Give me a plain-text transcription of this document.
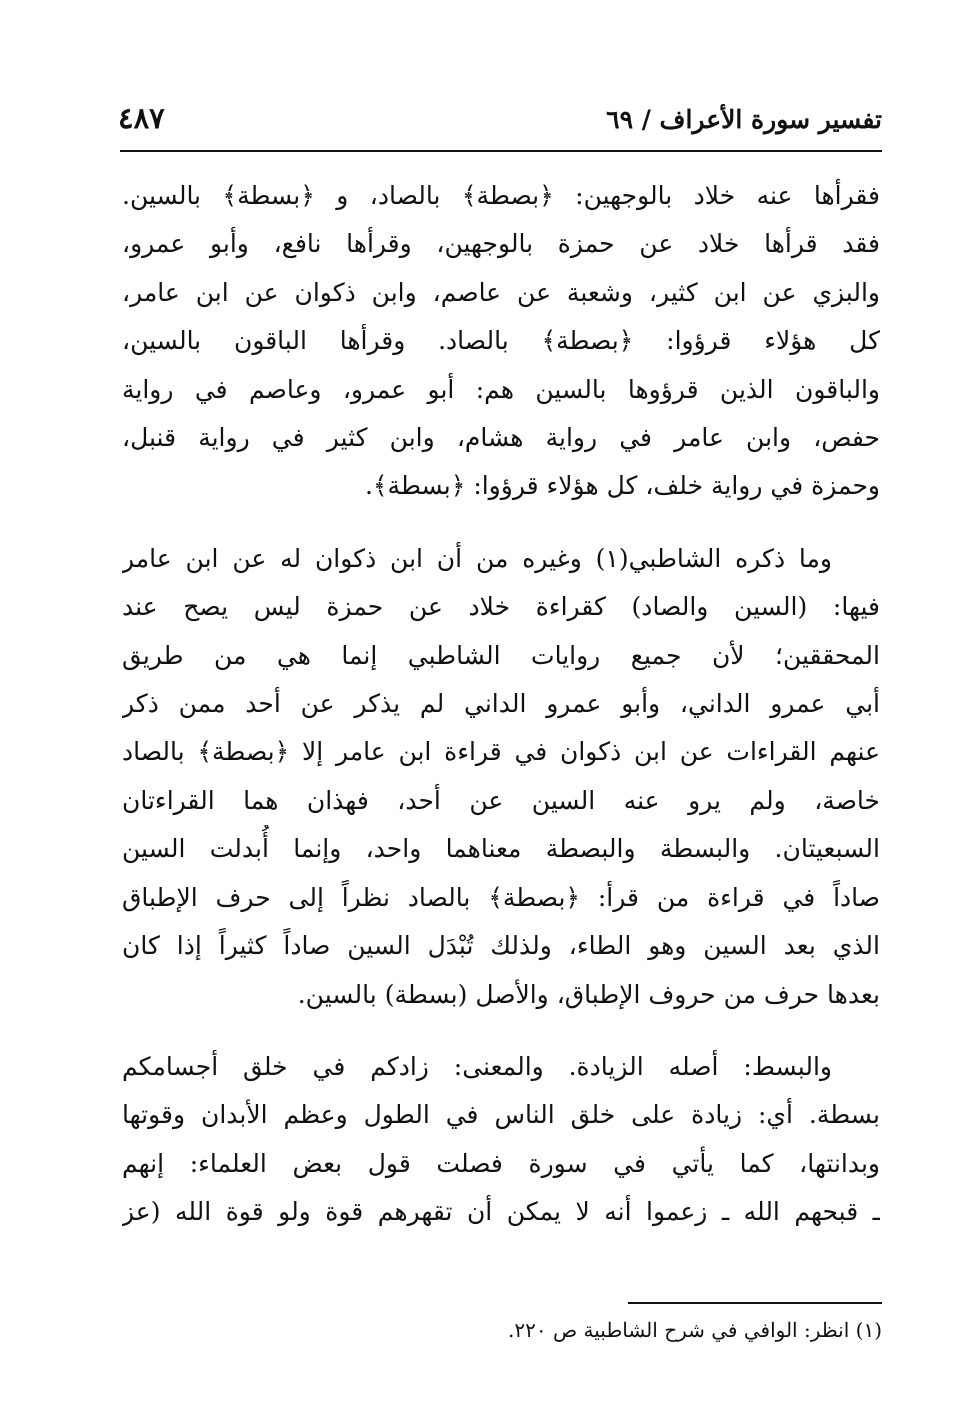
تفسير سورة الأعراف / ٦٩
٤٨٧
فقرأها عنه خلاد بالوجهين: ﴿بصطة﴾ بالصاد، و ﴿بسطة﴾ بالسين.
فقد قرأها خلاد عن حمزة بالوجهين، وقرأها نافع، وأبو عمرو،
والبزي عن ابن كثير، وشعبة عن عاصم، وابن ذكوان عن ابن عامر،
كل هؤلاء قرؤوا: ﴿بصطة﴾ بالصاد. وقرأها الباقون بالسين،
والباقون الذين قرؤوها بالسين هم: أبو عمرو، وعاصم في رواية
حفص، وابن عامر في رواية هشام، وابن كثير في رواية قنبل،
وحمزة في رواية خلف، كل هؤلاء قرؤوا: ﴿بسطة﴾.
وما ذكره الشاطبي(١) وغيره من أن ابن ذكوان له عن ابن عامر
فيها: (السين والصاد) كقراءة خلاد عن حمزة ليس يصح عند
المحققين؛ لأن جميع روايات الشاطبي إنما هي من طريق
أبي عمرو الداني، وأبو عمرو الداني لم يذكر عن أحد ممن ذكر
عنهم القراءات عن ابن ذكوان في قراءة ابن عامر إلا ﴿بصطة﴾ بالصاد
خاصة، ولم يرو عنه السين عن أحد، فهذان هما القراءتان
السبعيتان. والبسطة والبصطة معناهما واحد، وإنما أُبدلت السين
صاداً في قراءة من قرأ: ﴿بصطة﴾ بالصاد نظراً إلى حرف الإطباق
الذي بعد السين وهو الطاء، ولذلك تُبْدَل السين صاداً كثيراً إذا كان
بعدها حرف من حروف الإطباق، والأصل (بسطة) بالسين.
والبسط: أصله الزيادة. والمعنى: زادكم في خلق أجسامكم
بسطة. أي: زيادة على خلق الناس في الطول وعظم الأبدان وقوتها
وبدانتها، كما يأتي في سورة فصلت قول بعض العلماء: إنهم
ـ قبحهم الله ـ زعموا أنه لا يمكن أن تقهرهم قوة ولو قوة الله (عز
(١) انظر: الوافي في شرح الشاطبية ص ٢٢٠.
